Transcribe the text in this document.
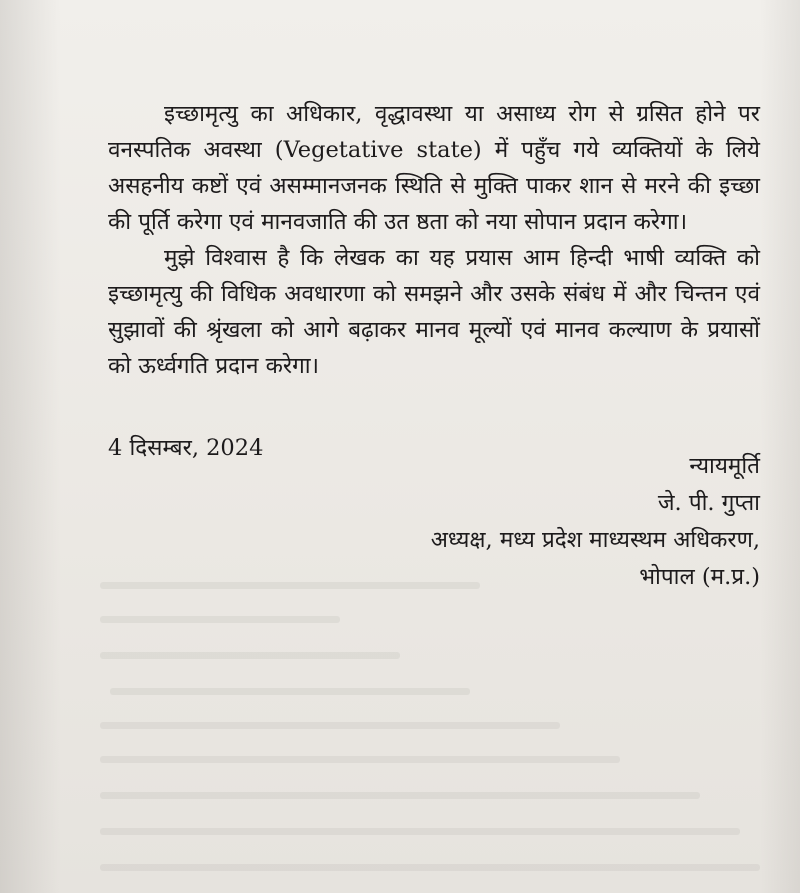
इच्छामृत्यु का अधिकार, वृद्धावस्था या असाध्य रोग से ग्रसित होने पर वनस्पतिक अवस्था (Vegetative state) में पहुँच गये व्यक्तियों के लिये असहनीय कष्टों एवं असम्मानजनक स्थिति से मुक्ति पाकर शान से मरने की इच्छा की पूर्ति करेगा एवं मानवजाति की उत ष्ठता को नया सोपान प्रदान करेगा।

मुझे विश्वास है कि लेखक का यह प्रयास आम हिन्दी भाषी व्यक्ति को इच्छामृत्यु की विधिक अवधारणा को समझने और उसके संबंध में और चिन्तन एवं सुझावों की श्रृंखला को आगे बढ़ाकर मानव मूल्यों एवं मानव कल्याण के प्रयासों को ऊर्ध्वगति प्रदान करेगा।

4 दिसम्बर, 2024
न्यायमूर्ति
जे. पी. गुप्ता
अध्यक्ष, मध्य प्रदेश माध्यस्थम अधिकरण,
भोपाल (म.प्र.)
